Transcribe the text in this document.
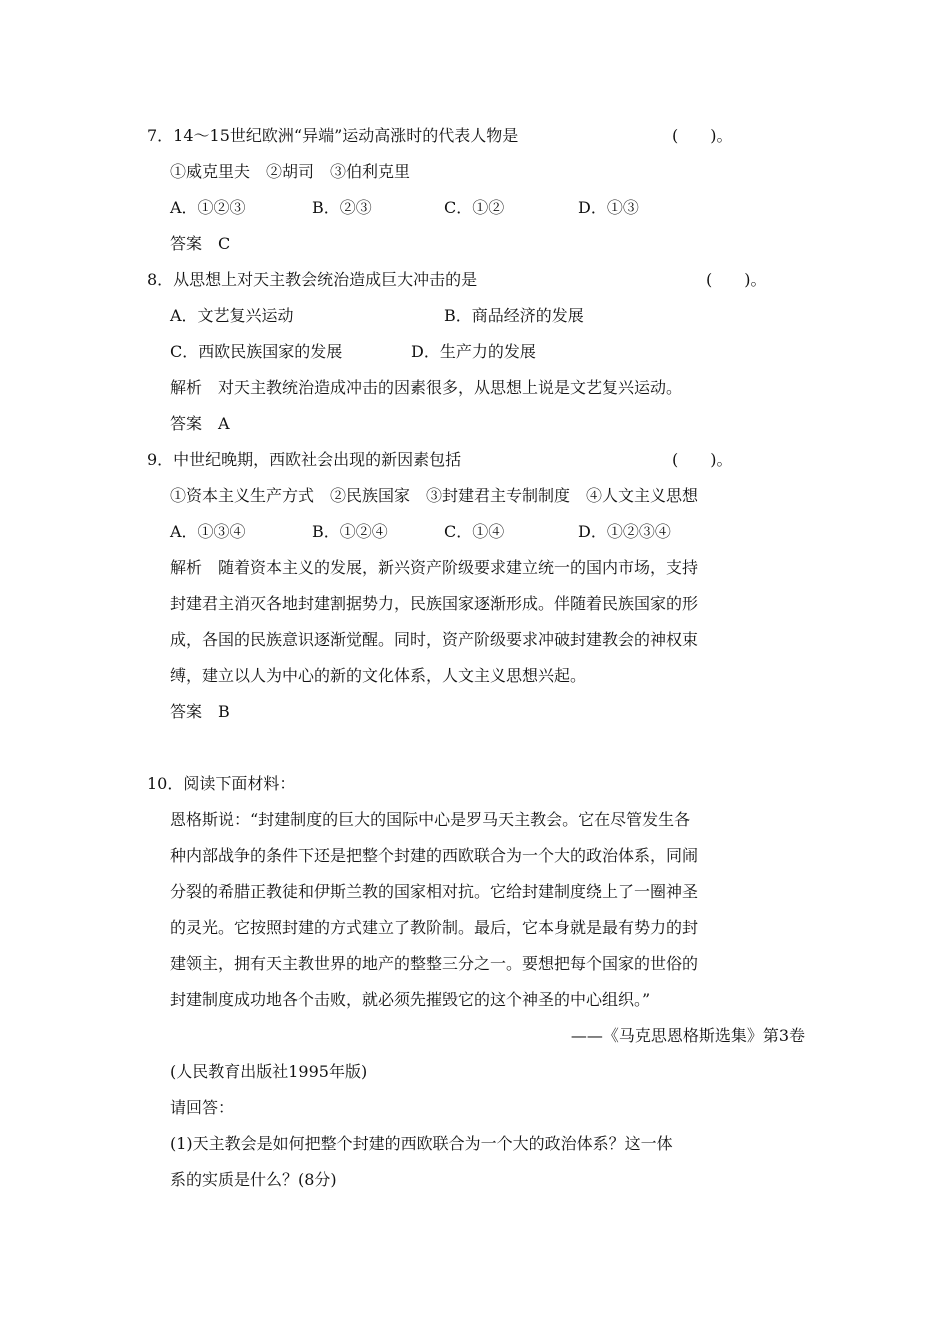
7．14～15世纪欧洲“异端”运动高涨时的代表人物是	(　　)。
①威克里夫　②胡司　③伯利克里
A．①②③	B．②③	C．①②	D．①③
答案　C
8．从思想上对天主教会统治造成巨大冲击的是	(　　)。
A．文艺复兴运动	B．商品经济的发展
C．西欧民族国家的发展	D．生产力的发展
解析　对天主教统治造成冲击的因素很多，从思想上说是文艺复兴运动。
答案　A
9．中世纪晚期，西欧社会出现的新因素包括	(　　)。
①资本主义生产方式　②民族国家　③封建君主专制制度　④人文主义思想
A．①③④	B．①②④	C．①④	D．①②③④
解析　随着资本主义的发展，新兴资产阶级要求建立统一的国内市场，支持
封建君主消灭各地封建割据势力，民族国家逐渐形成。伴随着民族国家的形
成，各国的民族意识逐渐觉醒。同时，资产阶级要求冲破封建教会的神权束
缚，建立以人为中心的新的文化体系，人文主义思想兴起。
答案　B
10．阅读下面材料：
恩格斯说：“封建制度的巨大的国际中心是罗马天主教会。它在尽管发生各
种内部战争的条件下还是把整个封建的西欧联合为一个大的政治体系，同闹
分裂的希腊正教徒和伊斯兰教的国家相对抗。它给封建制度绕上了一圈神圣
的灵光。它按照封建的方式建立了教阶制。最后，它本身就是最有势力的封
建领主，拥有天主教世界的地产的整整三分之一。要想把每个国家的世俗的
封建制度成功地各个击败，就必须先摧毁它的这个神圣的中心组织。”
——《马克思恩格斯选集》第3卷
(人民教育出版社1995年版)
请回答：
(1)天主教会是如何把整个封建的西欧联合为一个大的政治体系？这一体
系的实质是什么？(8分)
